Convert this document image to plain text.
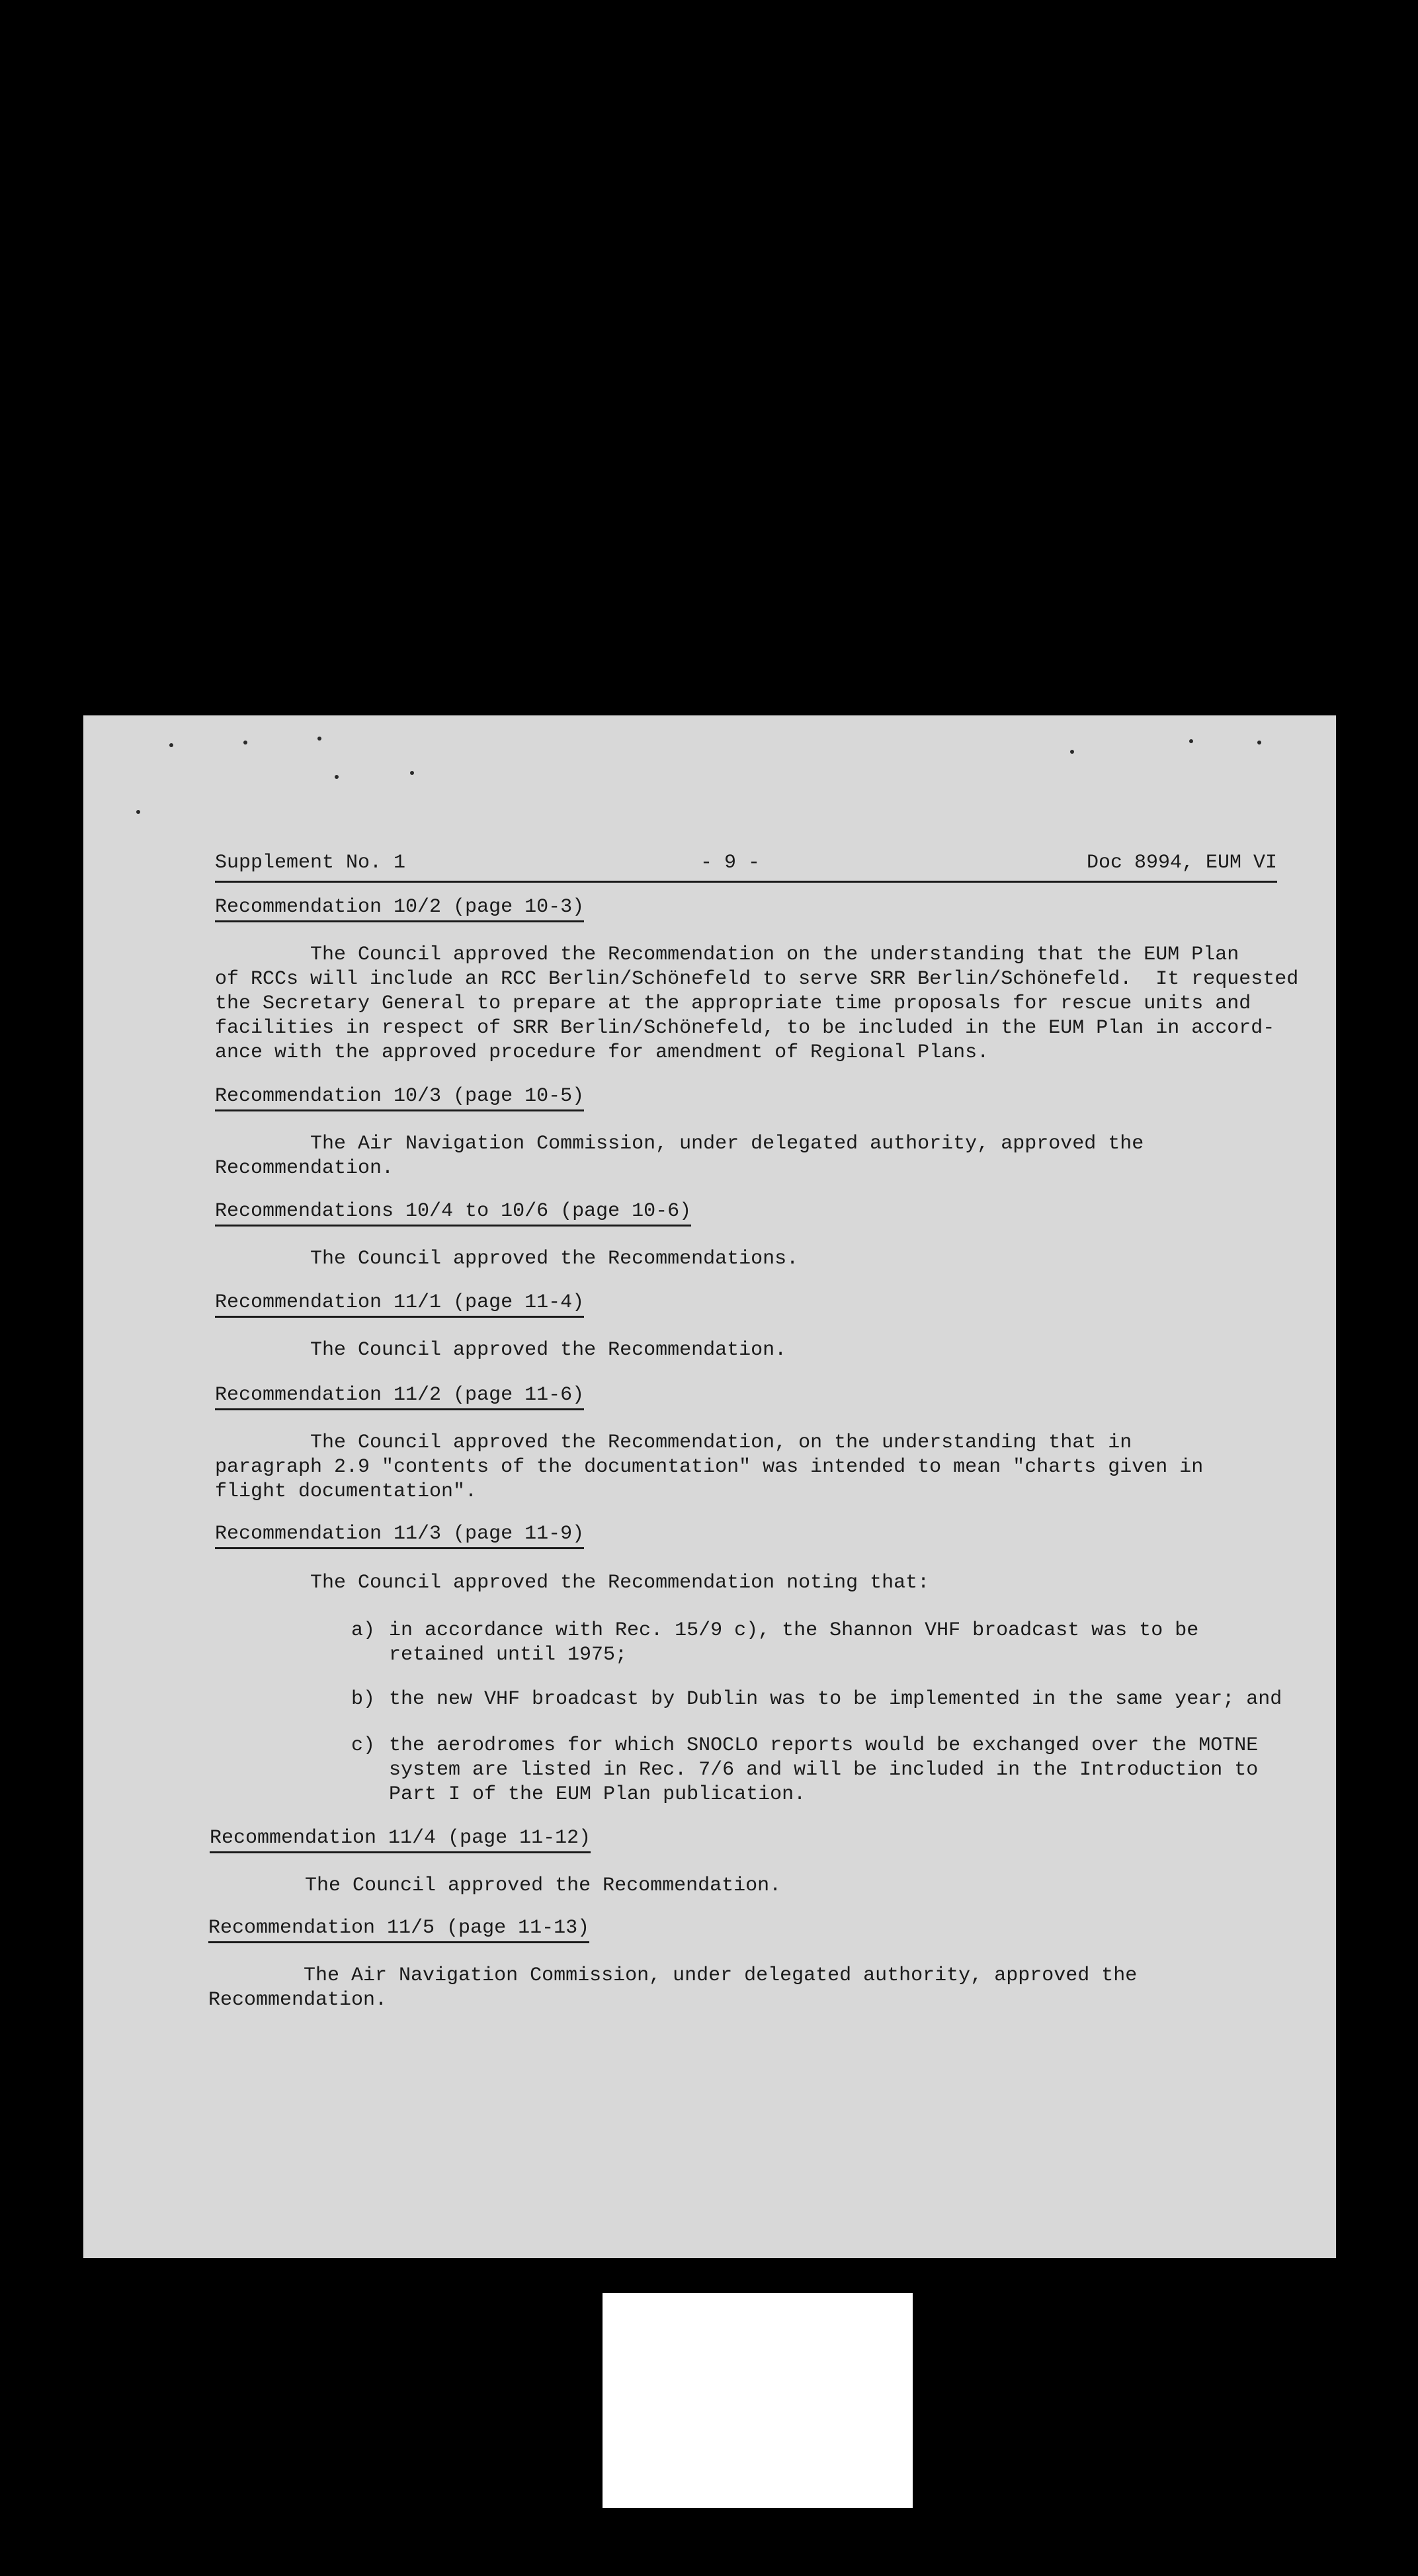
Supplement No. 1	- 9 -	Doc 8994, EUM VI
Recommendation 10/2 (page 10-3)
The Council approved the Recommendation on the understanding that the EUM Plan
of RCCs will include an RCC Berlin/Schönefeld to serve SRR Berlin/Schönefeld.  It requested
the Secretary General to prepare at the appropriate time proposals for rescue units and
facilities in respect of SRR Berlin/Schönefeld, to be included in the EUM Plan in accord-
ance with the approved procedure for amendment of Regional Plans.
Recommendation 10/3 (page 10-5)
The Air Navigation Commission, under delegated authority, approved the
Recommendation.
Recommendations 10/4 to 10/6 (page 10-6)
The Council approved the Recommendations.
Recommendation 11/1 (page 11-4)
The Council approved the Recommendation.
Recommendation 11/2 (page 11-6)
The Council approved the Recommendation, on the understanding that in
paragraph 2.9 "contents of the documentation" was intended to mean "charts given in
flight documentation".
Recommendation 11/3 (page 11-9)
The Council approved the Recommendation noting that:
a) in accordance with Rec. 15/9 c), the Shannon VHF broadcast was to be
retained until 1975;
b) the new VHF broadcast by Dublin was to be implemented in the same year; and
c) the aerodromes for which SNOCLO reports would be exchanged over the MOTNE
system are listed in Rec. 7/6 and will be included in the Introduction to
Part I of the EUM Plan publication.
Recommendation 11/4 (page 11-12)
The Council approved the Recommendation.
Recommendation 11/5 (page 11-13)
The Air Navigation Commission, under delegated authority, approved the
Recommendation.
